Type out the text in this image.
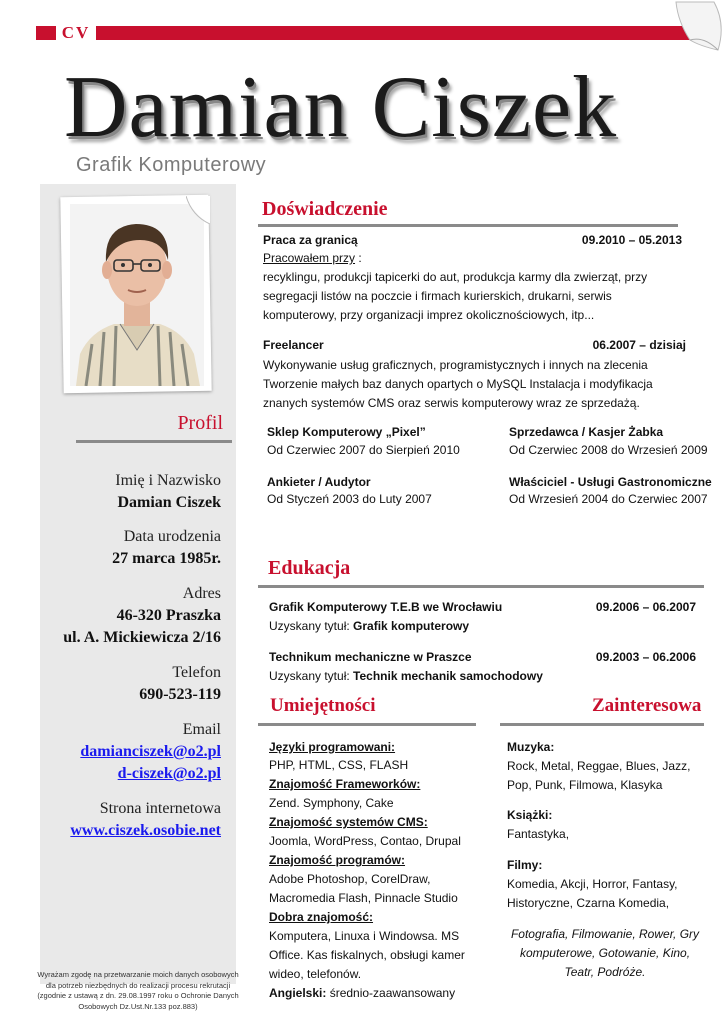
CV
Damian Ciszek
Grafik Komputerowy
Profil
Imię i Nazwisko
Damian Ciszek
Data urodzenia
27 marca 1985r.
Adres
46-320 Praszka
ul. A. Mickiewicza 2/16
Telefon
690-523-119
Email
damianciszek@o2.pl
d-ciszek@o2.pl
Strona internetowa
www.ciszek.osobie.net
Wyrażam zgodę na przetwarzanie moich danych osobowych dla potrzeb niezbędnych do realizacji procesu rekrutacji (zgodnie z ustawą z dn. 29.08.1997 roku o Ochronie Danych Osobowych Dz.Ust.Nr.133 poz.883)
Doświadczenie
Praca za granicą	09.2010 – 05.2013
Pracowałem przy :
recyklingu, produkcji tapicerki do aut, produkcja karmy dla zwierząt, przy
segregacji listów na poczcie i firmach kurierskich, drukarni, serwis
komputerowy, przy organizacji imprez okolicznościowych, itp...
Freelancer	06.2007 – dzisiaj
Wykonywanie usług graficznych, programistycznych i innych na zlecenia
Tworzenie małych baz danych opartych o MySQL Instalacja i modyfikacja
znanych systemów CMS oraz serwis komputerowy wraz ze sprzedażą.
Sklep Komputerowy „Pixel”
Od Czerwiec 2007 do Sierpień 2010
Sprzedawca / Kasjer Żabka
Od Czerwiec 2008 do Wrzesień 2009
Ankieter / Audytor
Od Styczeń 2003 do Luty 2007
Właściciel - Usługi Gastronomiczne
Od Wrzesień 2004 do Czerwiec 2007
Edukacja
Grafik Komputerowy T.E.B we Wrocławiu	09.2006 – 06.2007
Uzyskany tytuł: Grafik komputerowy
Technikum mechaniczne w Praszce	09.2003 – 06.2006
Uzyskany tytuł: Technik mechanik samochodowy
Umiejętności
Języki programowani:
PHP, HTML, CSS, FLASH
Znajomość Frameworków:
Zend. Symphony, Cake
Znajomość systemów CMS:
Joomla, WordPress, Contao, Drupal
Znajomość programów:
Adobe Photoshop, CorelDraw,
Macromedia Flash, Pinnacle Studio
Dobra znajomość:
Komputera, Linuxa i Windowsa. MS
Office. Kas fiskalnych, obsługi kamer
wideo, telefonów.
Angielski: średnio-zaawansowany
Zainteresowa
Muzyka:
Rock, Metal, Reggae, Blues, Jazz,
Pop, Punk, Filmowa, Klasyka
Książki:
Fantastyka,
Filmy:
Komedia, Akcji, Horror, Fantasy,
Historyczne, Czarna Komedia,
Fotografia, Filmowanie, Rower, Gry
komputerowe, Gotowanie, Kino,
Teatr, Podróże.
